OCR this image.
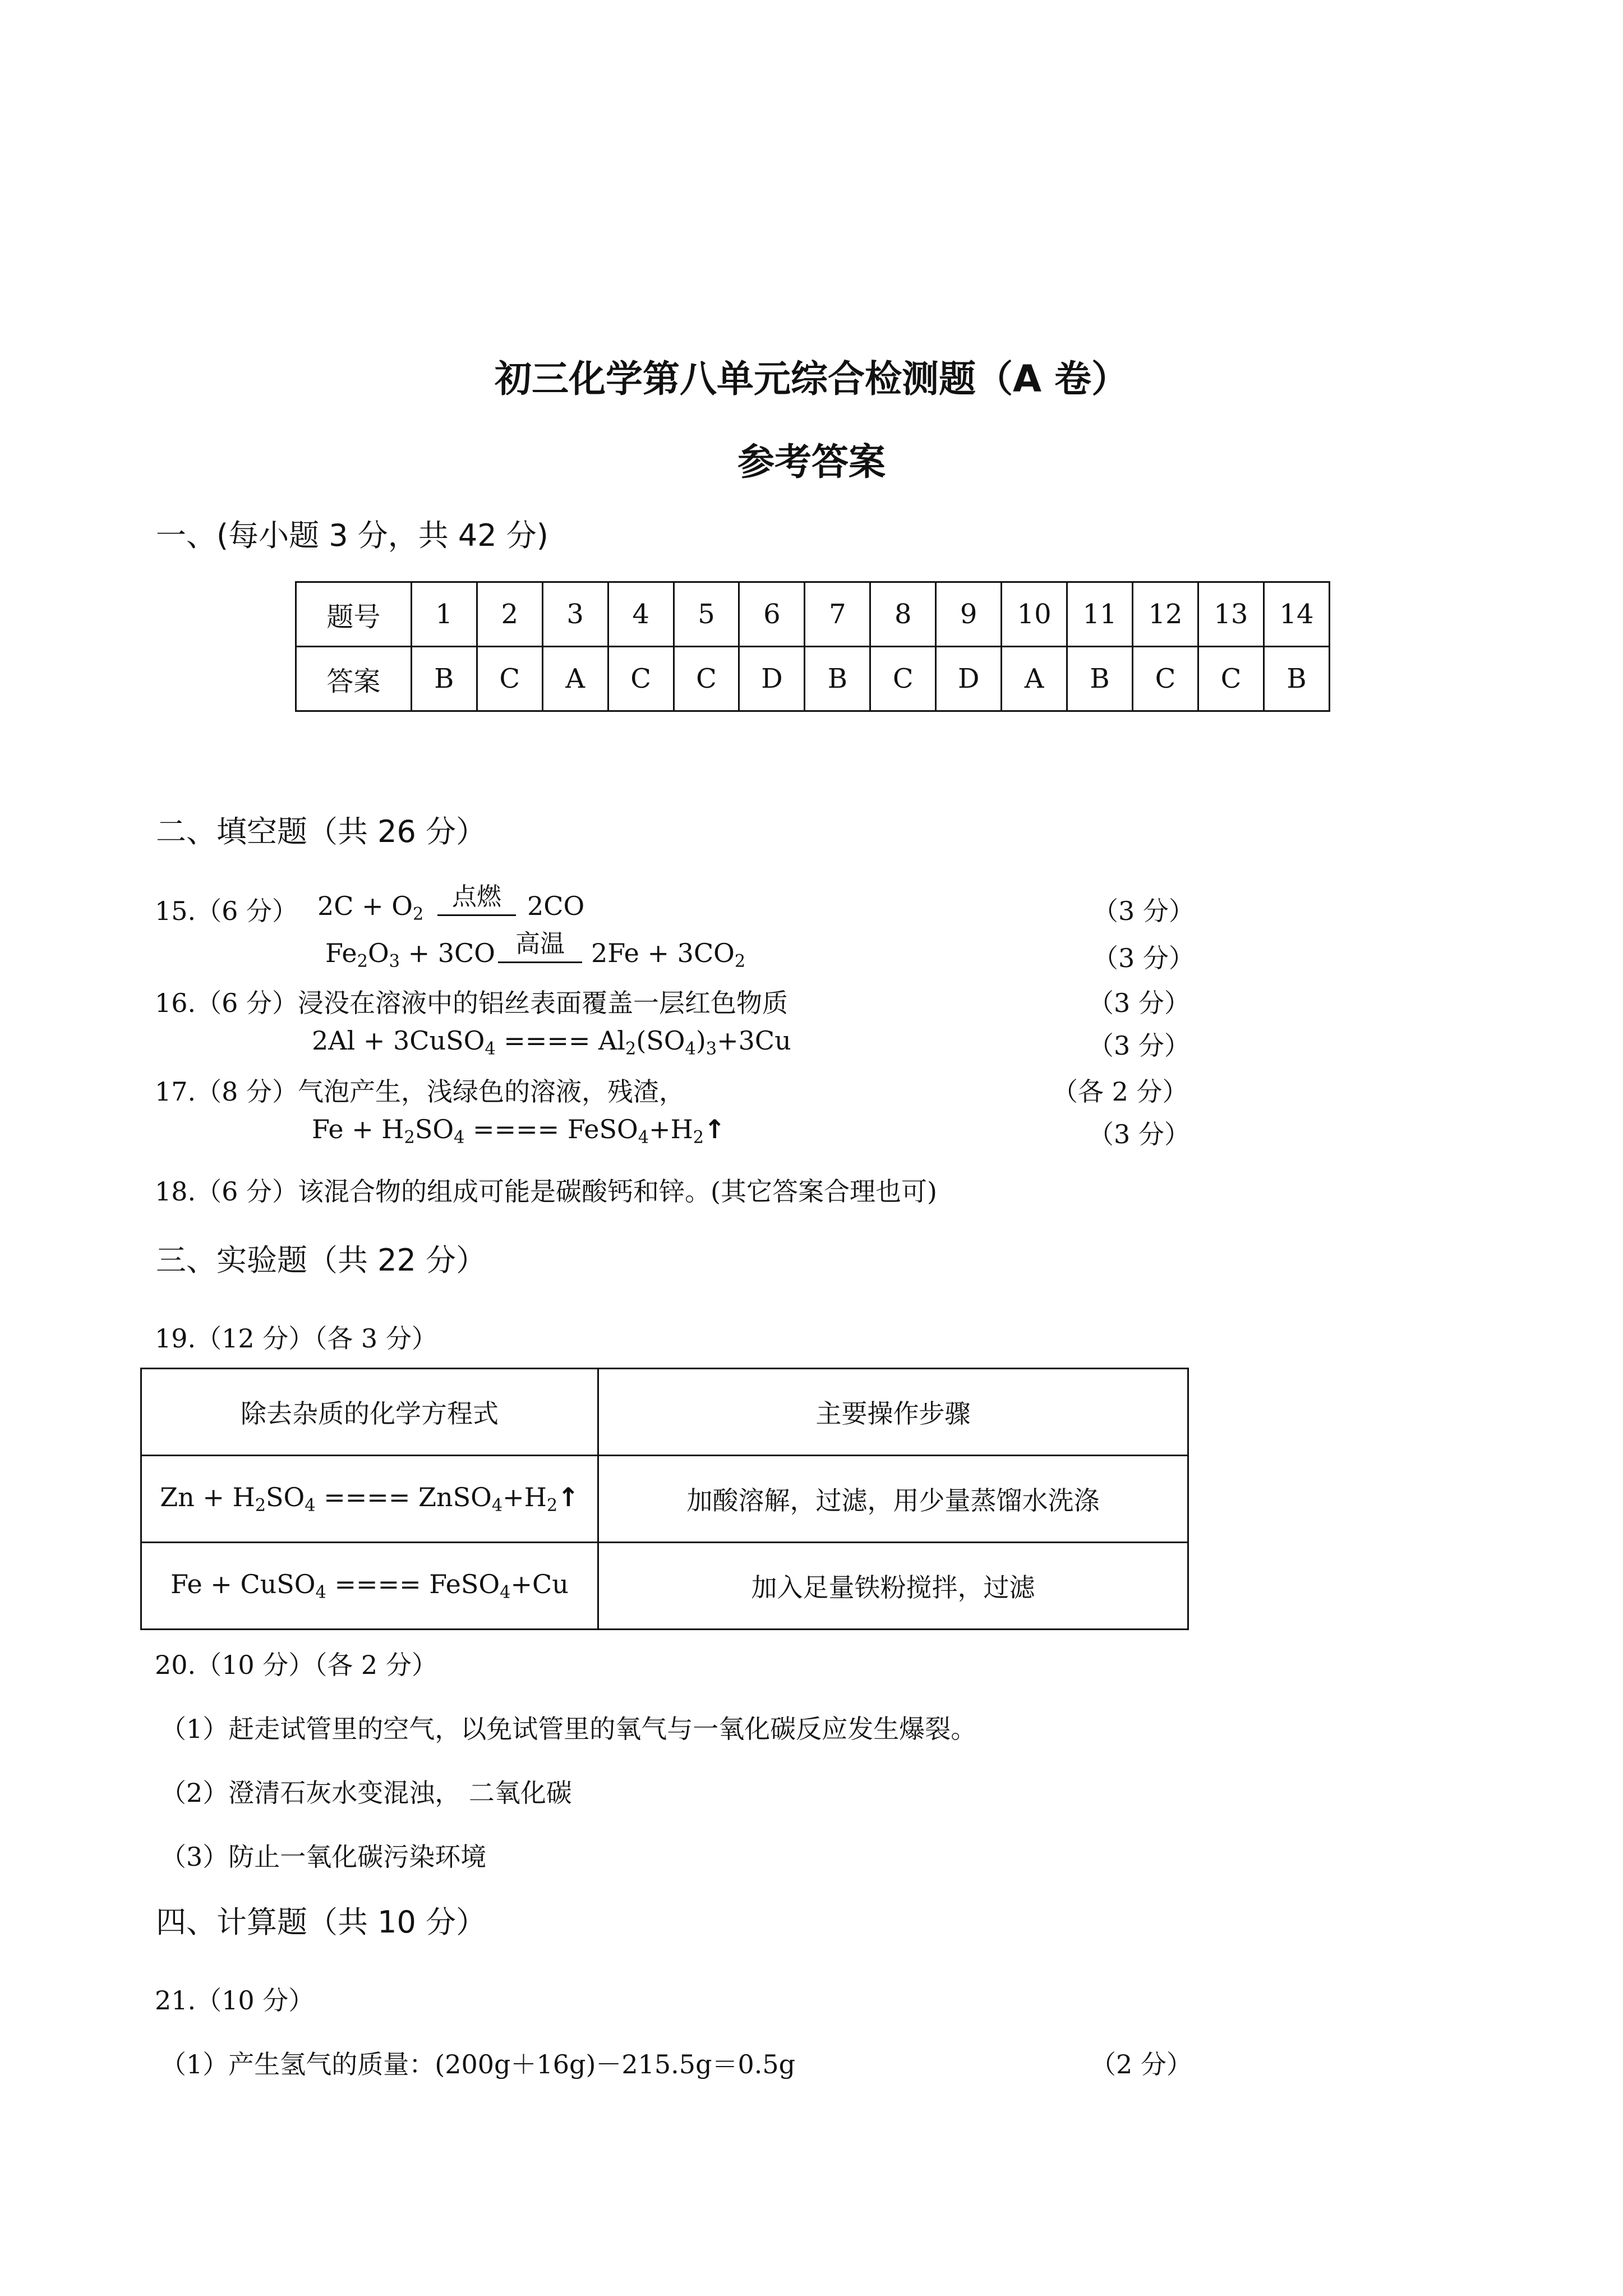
初三化学第八单元综合检测题（A 卷）
参考答案
一、(每小题 3 分，共 42 分)
题号	1	2	3	4	5	6	7	8	9	10	11	12	13	14
答案	B	C	A	C	C	D	B	C	D	A	B	C	C	B
二、填空题（共 26 分）
15.（6 分） $2C + O_2$
点燃	2CO	（3 分）
$Fe_2O_3 + 3CO$ 高温	$2Fe + 3CO_2$	（3 分）
16.（6 分）浸没在溶液中的铝丝表面覆盖一层红色物质	（3 分）
2Al + 3CuSO$_4$ ==== $Al_2(SO_4)_3+3Cu$	（3 分）
17.（8 分）气泡产生，浅绿色的溶液，残渣，	（各 2 分）
$Fe + H_2SO_4$ ==== $FeSO_4+H_2↑$	（3 分）
18.（6 分）该混合物的组成可能是碳酸钙和锌。(其它答案合理也可)
三、实验题（共 22 分）
19.（12 分）（各 3 分）
除去杂质的化学方程式	主要操作步骤
$Zn + H_2SO_4$ ==== $ZnSO_4+H_2↑$	加酸溶解，过滤，用少量蒸馏水洗涤
Fe + CuSO$_4$ ==== FeSO$_4$+Cu	加入足量铁粉搅拌，过滤
20.（10 分）（各 2 分）
（1）赶走试管里的空气，以免试管里的氧气与一氧化碳反应发生爆裂。
（2）澄清石灰水变混浊， 二氧化碳
（3）防止一氧化碳污染环境
四、计算题（共 10 分）
21.（10 分）
（1）产生氢气的质量：(200g＋16g)－215.5g＝0.5g	（2 分）
